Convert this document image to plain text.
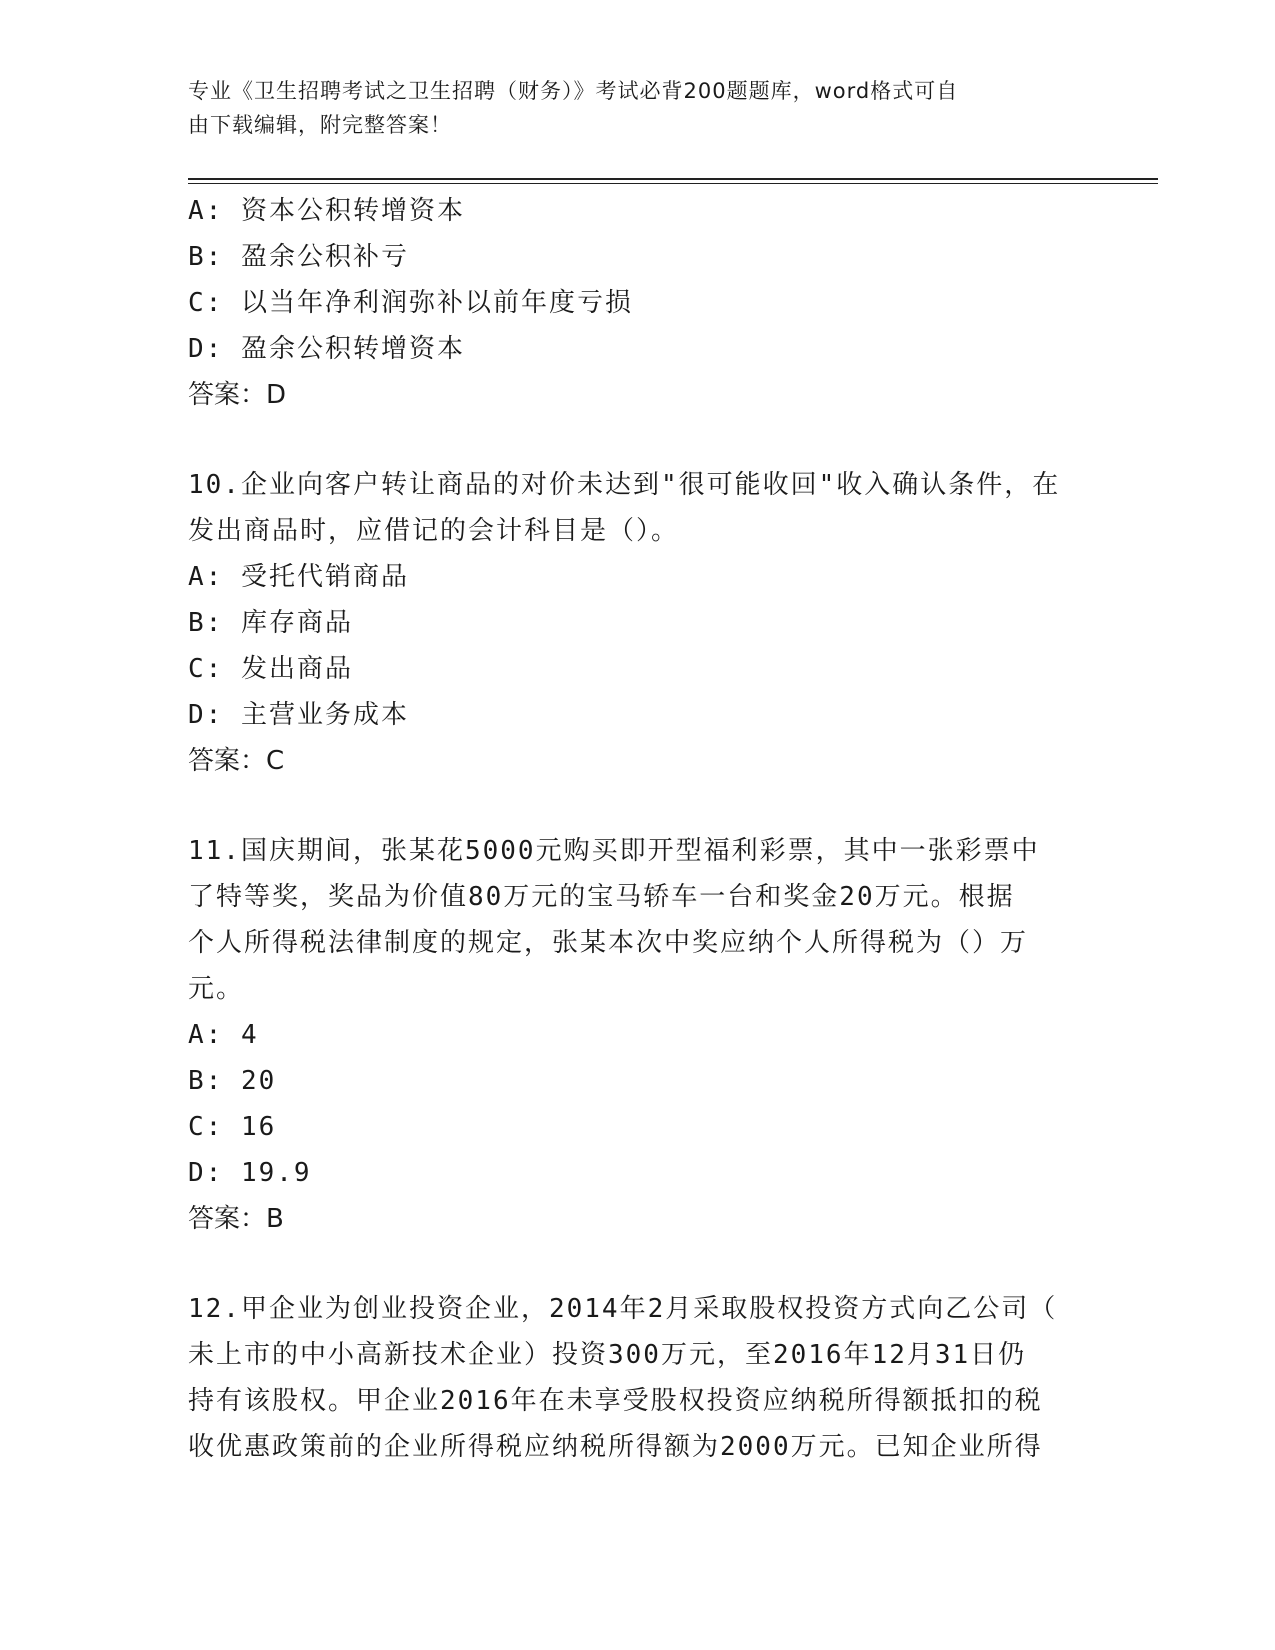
专业《卫生招聘考试之卫生招聘（财务）》考试必背200题题库，word格式可自
由下载编辑，附完整答案！
A: 资本公积转增资本
B: 盈余公积补亏
C: 以当年净利润弥补以前年度亏损
D: 盈余公积转增资本
答案：D
10.企业向客户转让商品的对价未达到"很可能收回"收入确认条件，在
发出商品时，应借记的会计科目是（）。
A: 受托代销商品
B: 库存商品
C: 发出商品
D: 主营业务成本
答案：C
11.国庆期间，张某花5000元购买即开型福利彩票，其中一张彩票中
了特等奖，奖品为价值80万元的宝马轿车一台和奖金20万元。根据
个人所得税法律制度的规定，张某本次中奖应纳个人所得税为（）万
元。
A: 4
B: 20
C: 16
D: 19.9
答案：B
12.甲企业为创业投资企业，2014年2月采取股权投资方式向乙公司（
未上市的中小高新技术企业）投资300万元，至2016年12月31日仍
持有该股权。甲企业2016年在未享受股权投资应纳税所得额抵扣的税
收优惠政策前的企业所得税应纳税所得额为2000万元。已知企业所得
